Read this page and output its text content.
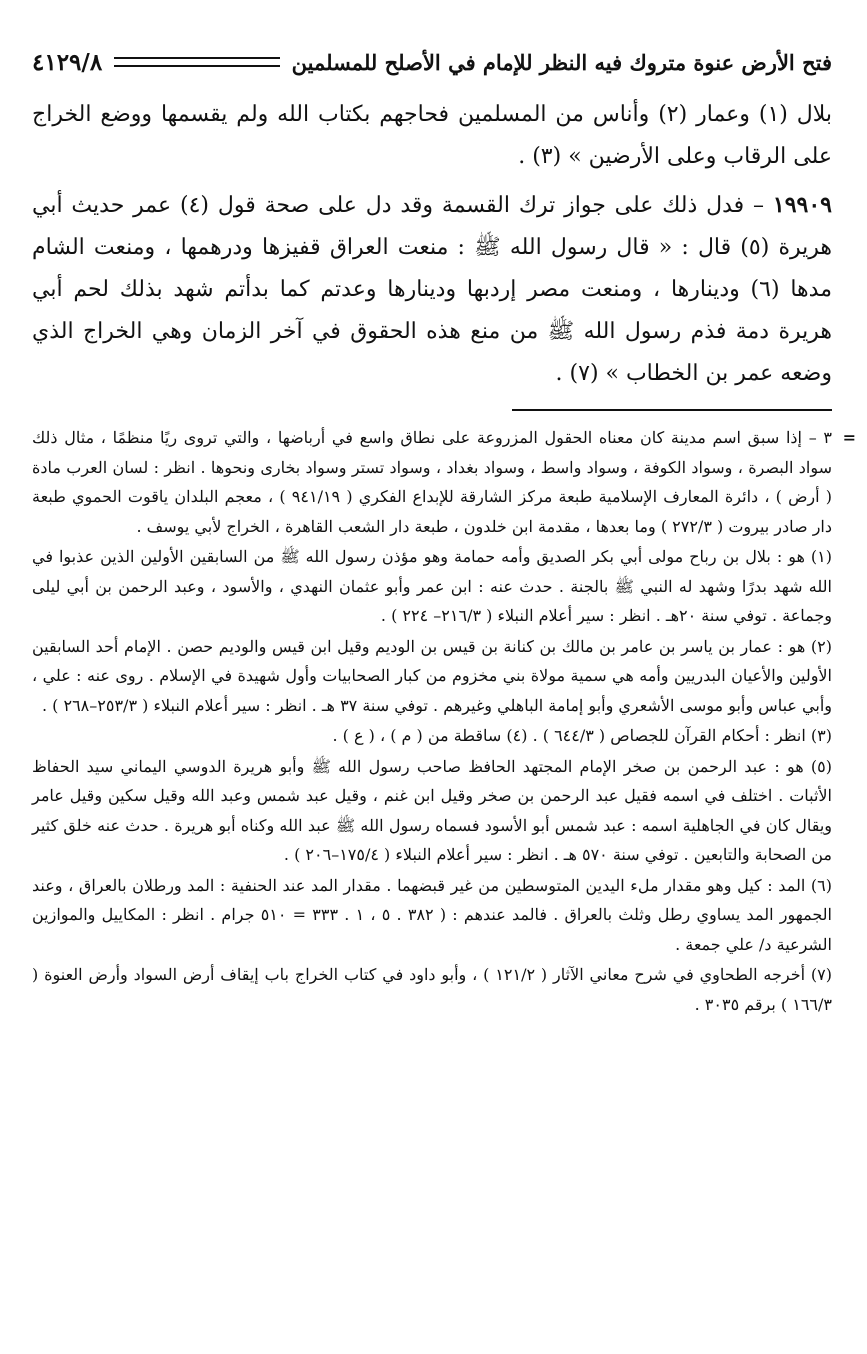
فتح الأرض عنوة متروك فيه النظر للإمام في الأصلح للمسلمين
٤١٢٩/٨

بلال (١) وعمار (٢) وأناس من المسلمين فحاجهم بكتاب الله ولم يقسمها ووضع الخراج على الرقاب وعلى الأرضين » (٣) .

١٩٩٠٩ – فدل ذلك على جواز ترك القسمة وقد دل على صحة قول (٤) عمر حديث أبي هريرة (٥) قال : « قال رسول الله ﷺ : منعت العراق قفيزها ودرهمها ، ومنعت الشام مدها (٦) ودينارها ، ومنعت مصر إردبها ودينارها وعدتم كما بدأتم شهد بذلك لحم أبي هريرة دمة فذم رسول الله ﷺ من منع هذه الحقوق في آخر الزمان وهي الخراج الذي وضعه عمر بن الخطاب » (٧) .

=

٣ – إذا سبق اسم مدينة كان معناه الحقول المزروعة على نطاق واسع في أرباضها ، والتي تروى ريًا منظمًا ، مثال ذلك سواد البصرة ، وسواد الكوفة ، وسواد واسط ، وسواد بغداد ، وسواد تستر وسواد بخارى ونحوها . انظر : لسان العرب مادة ( أرض ) ، دائرة المعارف الإسلامية طبعة مركز الشارقة للإبداع الفكري ( ٩٤١/١٩ ) ، معجم البلدان ياقوت الحموي طبعة دار صادر بيروت ( ٢٧٢/٣ ) وما بعدها ، مقدمة ابن خلدون ، طبعة دار الشعب القاهرة ، الخراج لأبي يوسف .

(١) هو : بلال بن رباح مولى أبي بكر الصديق وأمه حمامة وهو مؤذن رسول الله ﷺ من السابقين الأولين الذين عذبوا في الله شهد بدرًا وشهد له النبي ﷺ بالجنة . حدث عنه : ابن عمر وأبو عثمان النهدي ، والأسود ، وعبد الرحمن بن أبي ليلى وجماعة . توفي سنة ٢٠هـ . انظر : سير أعلام النبلاء ( ٢١٦/٣– ٢٢٤ ) .

(٢) هو : عمار بن ياسر بن عامر بن مالك بن كنانة بن قيس بن الوديم وقيل ابن قيس والوديم حصن . الإمام أحد السابقين الأولين والأعيان البدريين وأمه هي سمية مولاة بني مخزوم من كبار الصحابيات وأول شهيدة في الإسلام . روى عنه : علي ، وأبي عباس وأبو موسى الأشعري وأبو إمامة الباهلي وغيرهم . توفي سنة ٣٧ هـ . انظر : سير أعلام النبلاء ( ٢٥٣/٣–٢٦٨ ) .

(٣) انظر : أحكام القرآن للجصاص ( ٦٤٤/٣ ) . (٤) ساقطة من ( م ) ، ( ع ) .

(٥) هو : عبد الرحمن بن صخر الإمام المجتهد الحافظ صاحب رسول الله ﷺ وأبو هريرة الدوسي اليماني سيد الحفاظ الأثبات . اختلف في اسمه فقيل عبد الرحمن بن صخر وقيل ابن غنم ، وقيل عبد شمس وعبد الله وقيل سكين وقيل عامر ويقال كان في الجاهلية اسمه : عبد شمس أبو الأسود فسماه رسول الله ﷺ عبد الله وكناه أبو هريرة . حدث عنه خلق كثير من الصحابة والتابعين . توفي سنة ٥٧٠ هـ . انظر : سير أعلام النبلاء ( ١٧٥/٤–٢٠٦ ) .

(٦) المد : كيل وهو مقدار ملء اليدين المتوسطين من غير قبضهما . مقدار المد عند الحنفية : المد ورطلان بالعراق ، وعند الجمهور المد يساوي رطل وثلث بالعراق . فالمد عندهم : ( ٣٨٢ . ٥ ، ١ . ٣٣٣ = ٥١٠ جرام . انظر : المكاييل والموازين الشرعية د/ علي جمعة .

(٧) أخرجه الطحاوي في شرح معاني الآثار ( ١٢١/٢ ) ، وأبو داود في كتاب الخراج باب إيقاف أرض السواد وأرض العنوة ( ١٦٦/٣ ) برقم ٣٠٣٥ .
